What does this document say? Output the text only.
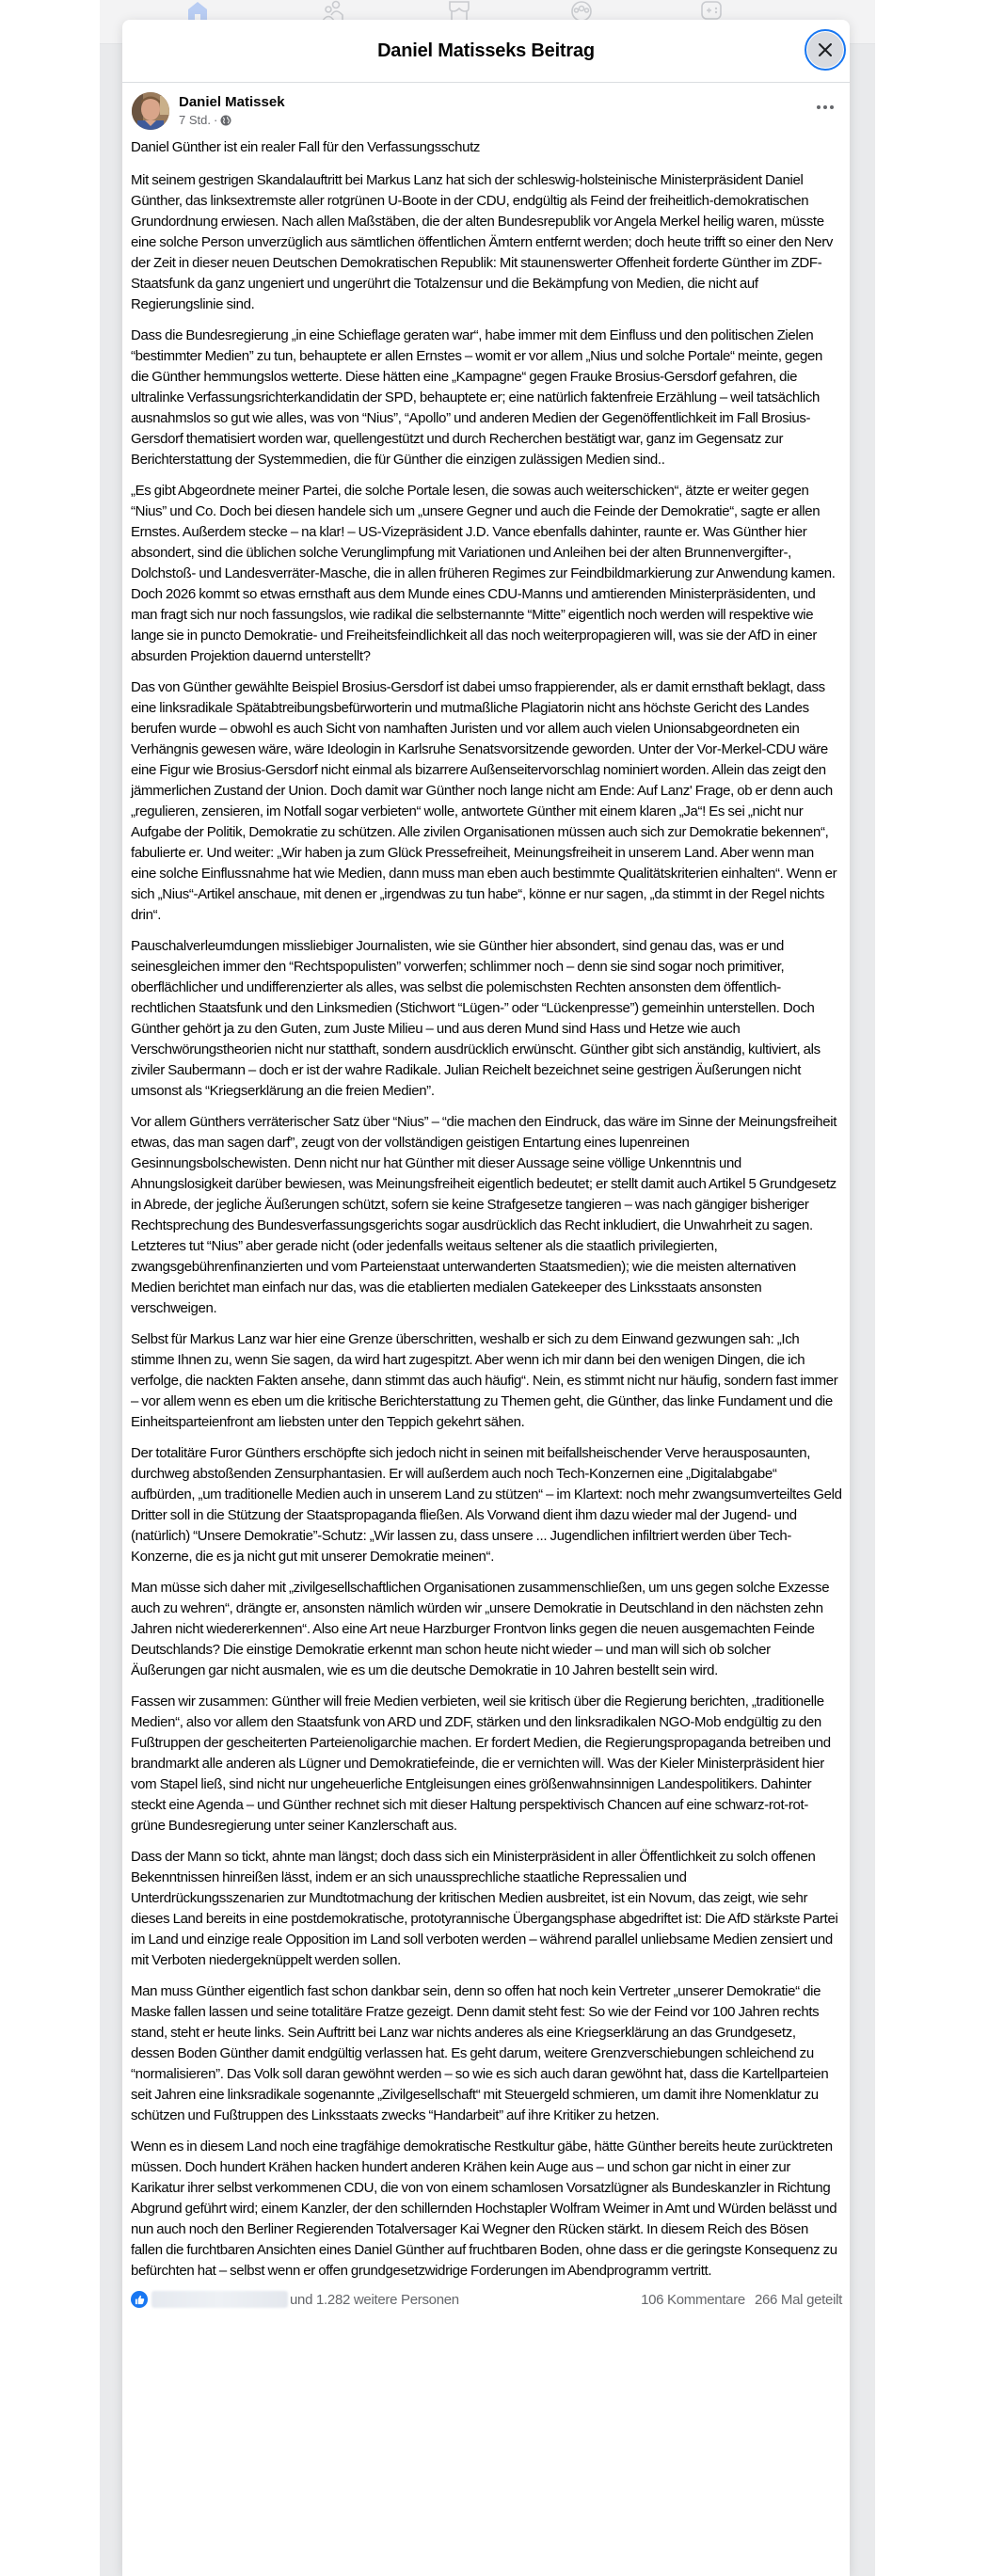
Daniel Matisseks Beitrag
Daniel Matissek
7 Std. ·

Daniel Günther ist ein realer Fall für den Verfassungsschutz

Mit seinem gestrigen Skandalauftritt bei Markus Lanz hat sich der schleswig-holsteinische Ministerpräsident Daniel Günther, das linksextremste aller rotgrünen U-Boote in der CDU, endgültig als Feind der freiheitlich-demokratischen Grundordnung erwiesen. Nach allen Maßstäben, die der alten Bundesrepublik vor Angela Merkel heilig waren, müsste eine solche Person unverzüglich aus sämtlichen öffentlichen Ämtern entfernt werden; doch heute trifft so einer den Nerv der Zeit in dieser neuen Deutschen Demokratischen Republik: Mit staunenswerter Offenheit forderte Günther im ZDF-Staatsfunk da ganz ungeniert und ungerührt die Totalzensur und die Bekämpfung von Medien, die nicht auf Regierungslinie sind.

Dass die Bundesregierung „in eine Schieflage geraten war“, habe immer mit dem Einfluss und den politischen Zielen “bestimmter Medien” zu tun, behauptete er allen Ernstes – womit er vor allem „Nius und solche Portale“ meinte, gegen die Günther hemmungslos wetterte. Diese hätten eine „Kampagne“ gegen Frauke Brosius-Gersdorf gefahren, die ultralinke Verfassungsrichterkandidatin der SPD, behauptete er; eine natürlich faktenfreie Erzählung – weil tatsächlich ausnahmslos so gut wie alles, was von “Nius”, “Apollo” und anderen Medien der Gegenöffentlichkeit im Fall Brosius-Gersdorf thematisiert worden war, quellengestützt und durch Recherchen bestätigt war, ganz im Gegensatz zur Berichterstattung der Systemmedien, die für Günther die einzigen zulässigen Medien sind..

„Es gibt Abgeordnete meiner Partei, die solche Portale lesen, die sowas auch weiterschicken“, ätzte er weiter gegen “Nius” und Co. Doch bei diesen handele sich um „unsere Gegner und auch die Feinde der Demokratie“, sagte er allen Ernstes. Außerdem stecke – na klar! – US-Vizepräsident J.D. Vance ebenfalls dahinter, raunte er. Was Günther hier absondert, sind die üblichen solche Verunglimpfung mit Variationen und Anleihen bei der alten Brunnenvergifter-, Dolchstoß- und Landesverräter-Masche, die in allen früheren Regimes zur Feindbildmarkierung zur Anwendung kamen. Doch 2026 kommt so etwas ernsthaft aus dem Munde eines CDU-Manns und amtierenden Ministerpräsidenten, und man fragt sich nur noch fassungslos, wie radikal die selbsternannte “Mitte” eigentlich noch werden will respektive wie lange sie in puncto Demokratie- und Freiheitsfeindlichkeit all das noch weiterpropagieren will, was sie der AfD in einer absurden Projektion dauernd unterstellt?

Das von Günther gewählte Beispiel Brosius-Gersdorf ist dabei umso frappierender, als er damit ernsthaft beklagt, dass eine linksradikale Spätabtreibungsbefürworterin und mutmaßliche Plagiatorin nicht ans höchste Gericht des Landes berufen wurde – obwohl es auch Sicht von namhaften Juristen und vor allem auch vielen Unionsabgeordneten ein Verhängnis gewesen wäre, wäre Ideologin in Karlsruhe Senatsvorsitzende geworden. Unter der Vor-Merkel-CDU wäre eine Figur wie Brosius-Gersdorf nicht einmal als bizarrere Außenseitervorschlag nominiert worden. Allein das zeigt den jämmerlichen Zustand der Union. Doch damit war Günther noch lange nicht am Ende: Auf Lanz' Frage, ob er denn auch „regulieren, zensieren, im Notfall sogar verbieten“ wolle, antwortete Günther mit einem klaren „Ja“! Es sei „nicht nur Aufgabe der Politik, Demokratie zu schützen. Alle zivilen Organisationen müssen auch sich zur Demokratie bekennen“, fabulierte er. Und weiter: „Wir haben ja zum Glück Pressefreiheit, Meinungsfreiheit in unserem Land. Aber wenn man eine solche Einflussnahme hat wie Medien, dann muss man eben auch bestimmte Qualitätskriterien einhalten“. Wenn er sich „Nius“-Artikel anschaue, mit denen er „irgendwas zu tun habe“, könne er nur sagen, „da stimmt in der Regel nichts drin“.

Pauschalverleumdungen missliebiger Journalisten, wie sie Günther hier absondert, sind genau das, was er und seinesgleichen immer den “Rechtspopulisten” vorwerfen; schlimmer noch – denn sie sind sogar noch primitiver, oberflächlicher und undifferenzierter als alles, was selbst die polemischsten Rechten ansonsten dem öffentlich-rechtlichen Staatsfunk und den Linksmedien (Stichwort “Lügen-” oder “Lückenpresse”) gemeinhin unterstellen. Doch Günther gehört ja zu den Guten, zum Juste Milieu – und aus deren Mund sind Hass und Hetze wie auch Verschwörungstheorien nicht nur statthaft, sondern ausdrücklich erwünscht. Günther gibt sich anständig, kultiviert, als ziviler Saubermann – doch er ist der wahre Radikale. Julian Reichelt bezeichnet seine gestrigen Äußerungen nicht umsonst als “Kriegserklärung an die freien Medien”.

Vor allem Günthers verräterischer Satz über “Nius” – “die machen den Eindruck, das wäre im Sinne der Meinungsfreiheit etwas, das man sagen darf”, zeugt von der vollständigen geistigen Entartung eines lupenreinen Gesinnungsbolschewisten. Denn nicht nur hat Günther mit dieser Aussage seine völlige Unkenntnis und Ahnungslosigkeit darüber bewiesen, was Meinungsfreiheit eigentlich bedeutet; er stellt damit auch Artikel 5 Grundgesetz in Abrede, der jegliche Äußerungen schützt, sofern sie keine Strafgesetze tangieren – was nach gängiger bisheriger Rechtsprechung des Bundesverfassungsgerichts sogar ausdrücklich das Recht inkludiert, die Unwahrheit zu sagen. Letzteres tut “Nius” aber gerade nicht (oder jedenfalls weitaus seltener als die staatlich privilegierten, zwangsgebührenfinanzierten und vom Parteienstaat unterwanderten Staatsmedien); wie die meisten alternativen Medien berichtet man einfach nur das, was die etablierten medialen Gatekeeper des Linksstaats ansonsten verschweigen.

Selbst für Markus Lanz war hier eine Grenze überschritten, weshalb er sich zu dem Einwand gezwungen sah: „Ich stimme Ihnen zu, wenn Sie sagen, da wird hart zugespitzt. Aber wenn ich mir dann bei den wenigen Dingen, die ich verfolge, die nackten Fakten ansehe, dann stimmt das auch häufig“. Nein, es stimmt nicht nur häufig, sondern fast immer – vor allem wenn es eben um die kritische Berichterstattung zu Themen geht, die Günther, das linke Fundament und die Einheitsparteienfront am liebsten unter den Teppich gekehrt sähen.

Der totalitäre Furor Günthers erschöpfte sich jedoch nicht in seinen mit beifallsheischender Verve herausposaunten, durchweg abstoßenden Zensurphantasien. Er will außerdem auch noch Tech-Konzernen eine „Digitalabgabe“ aufbürden, „um traditionelle Medien auch in unserem Land zu stützen“ – im Klartext: noch mehr zwangsumverteiltes Geld Dritter soll in die Stützung der Staatspropaganda fließen. Als Vorwand dient ihm dazu wieder mal der Jugend- und (natürlich) “Unsere Demokratie”-Schutz: „Wir lassen zu, dass unsere ... Jugendlichen infiltriert werden über Tech-Konzerne, die es ja nicht gut mit unserer Demokratie meinen“.

Man müsse sich daher mit „zivilgesellschaftlichen Organisationen zusammenschließen, um uns gegen solche Exzesse auch zu wehren“, drängte er, ansonsten nämlich würden wir „unsere Demokratie in Deutschland in den nächsten zehn Jahren nicht wiedererkennen“. Also eine Art neue Harzburger Frontvon links gegen die neuen ausgemachten Feinde Deutschlands? Die einstige Demokratie erkennt man schon heute nicht wieder – und man will sich ob solcher Äußerungen gar nicht ausmalen, wie es um die deutsche Demokratie in 10 Jahren bestellt sein wird.

Fassen wir zusammen: Günther will freie Medien verbieten, weil sie kritisch über die Regierung berichten, „traditionelle Medien“, also vor allem den Staatsfunk von ARD und ZDF, stärken und den linksradikalen NGO-Mob endgültig zu den Fußtruppen der gescheiterten Parteienoligarchie machen. Er fordert Medien, die Regierungspropaganda betreiben und brandmarkt alle anderen als Lügner und Demokratiefeinde, die er vernichten will. Was der Kieler Ministerpräsident hier vom Stapel ließ, sind nicht nur ungeheuerliche Entgleisungen eines größenwahnsinnigen Landespolitikers. Dahinter steckt eine Agenda – und Günther rechnet sich mit dieser Haltung perspektivisch Chancen auf eine schwarz-rot-rot-grüne Bundesregierung unter seiner Kanzlerschaft aus.

Dass der Mann so tickt, ahnte man längst; doch dass sich ein Ministerpräsident in aller Öffentlichkeit zu solch offenen Bekenntnissen hinreißen lässt, indem er an sich unaussprechliche staatliche Repressalien und Unterdrückungsszenarien zur Mundtotmachung der kritischen Medien ausbreitet, ist ein Novum, das zeigt, wie sehr dieses Land bereits in eine postdemokratische, prototyrannische Übergangsphase abgedriftet ist: Die AfD stärkste Partei im Land und einzige reale Opposition im Land soll verboten werden – während parallel unliebsame Medien zensiert und mit Verboten niedergeknüppelt werden sollen.

Man muss Günther eigentlich fast schon dankbar sein, denn so offen hat noch kein Vertreter „unserer Demokratie“ die Maske fallen lassen und seine totalitäre Fratze gezeigt. Denn damit steht fest: So wie der Feind vor 100 Jahren rechts stand, steht er heute links. Sein Auftritt bei Lanz war nichts anderes als eine Kriegserklärung an das Grundgesetz, dessen Boden Günther damit endgültig verlassen hat. Es geht darum, weitere Grenzverschiebungen schleichend zu “normalisieren”. Das Volk soll daran gewöhnt werden – so wie es sich auch daran gewöhnt hat, dass die Kartellparteien seit Jahren eine linksradikale sogenannte „Zivilgesellschaft“ mit Steuergeld schmieren, um damit ihre Nomenklatur zu schützen und Fußtruppen des Linksstaats zwecks “Handarbeit” auf ihre Kritiker zu hetzen.

Wenn es in diesem Land noch eine tragfähige demokratische Restkultur gäbe, hätte Günther bereits heute zurücktreten müssen. Doch hundert Krähen hacken hundert anderen Krähen kein Auge aus – und schon gar nicht in einer zur Karikatur ihrer selbst verkommenen CDU, die von von einem schamlosen Vorsatzlügner als Bundeskanzler in Richtung Abgrund geführt wird; einem Kanzler, der den schillernden Hochstapler Wolfram Weimer in Amt und Würden belässt und nun auch noch den Berliner Regierenden Totalversager Kai Wegner den Rücken stärkt. In diesem Reich des Bösen fallen die furchtbaren Ansichten eines Daniel Günther auf fruchtbaren Boden, ohne dass er die geringste Konsequenz zu befürchten hat – selbst wenn er offen grundgesetzwidrige Forderungen im Abendprogramm vertritt.

und 1.282 weitere Personen	106 Kommentare 266 Mal geteilt
